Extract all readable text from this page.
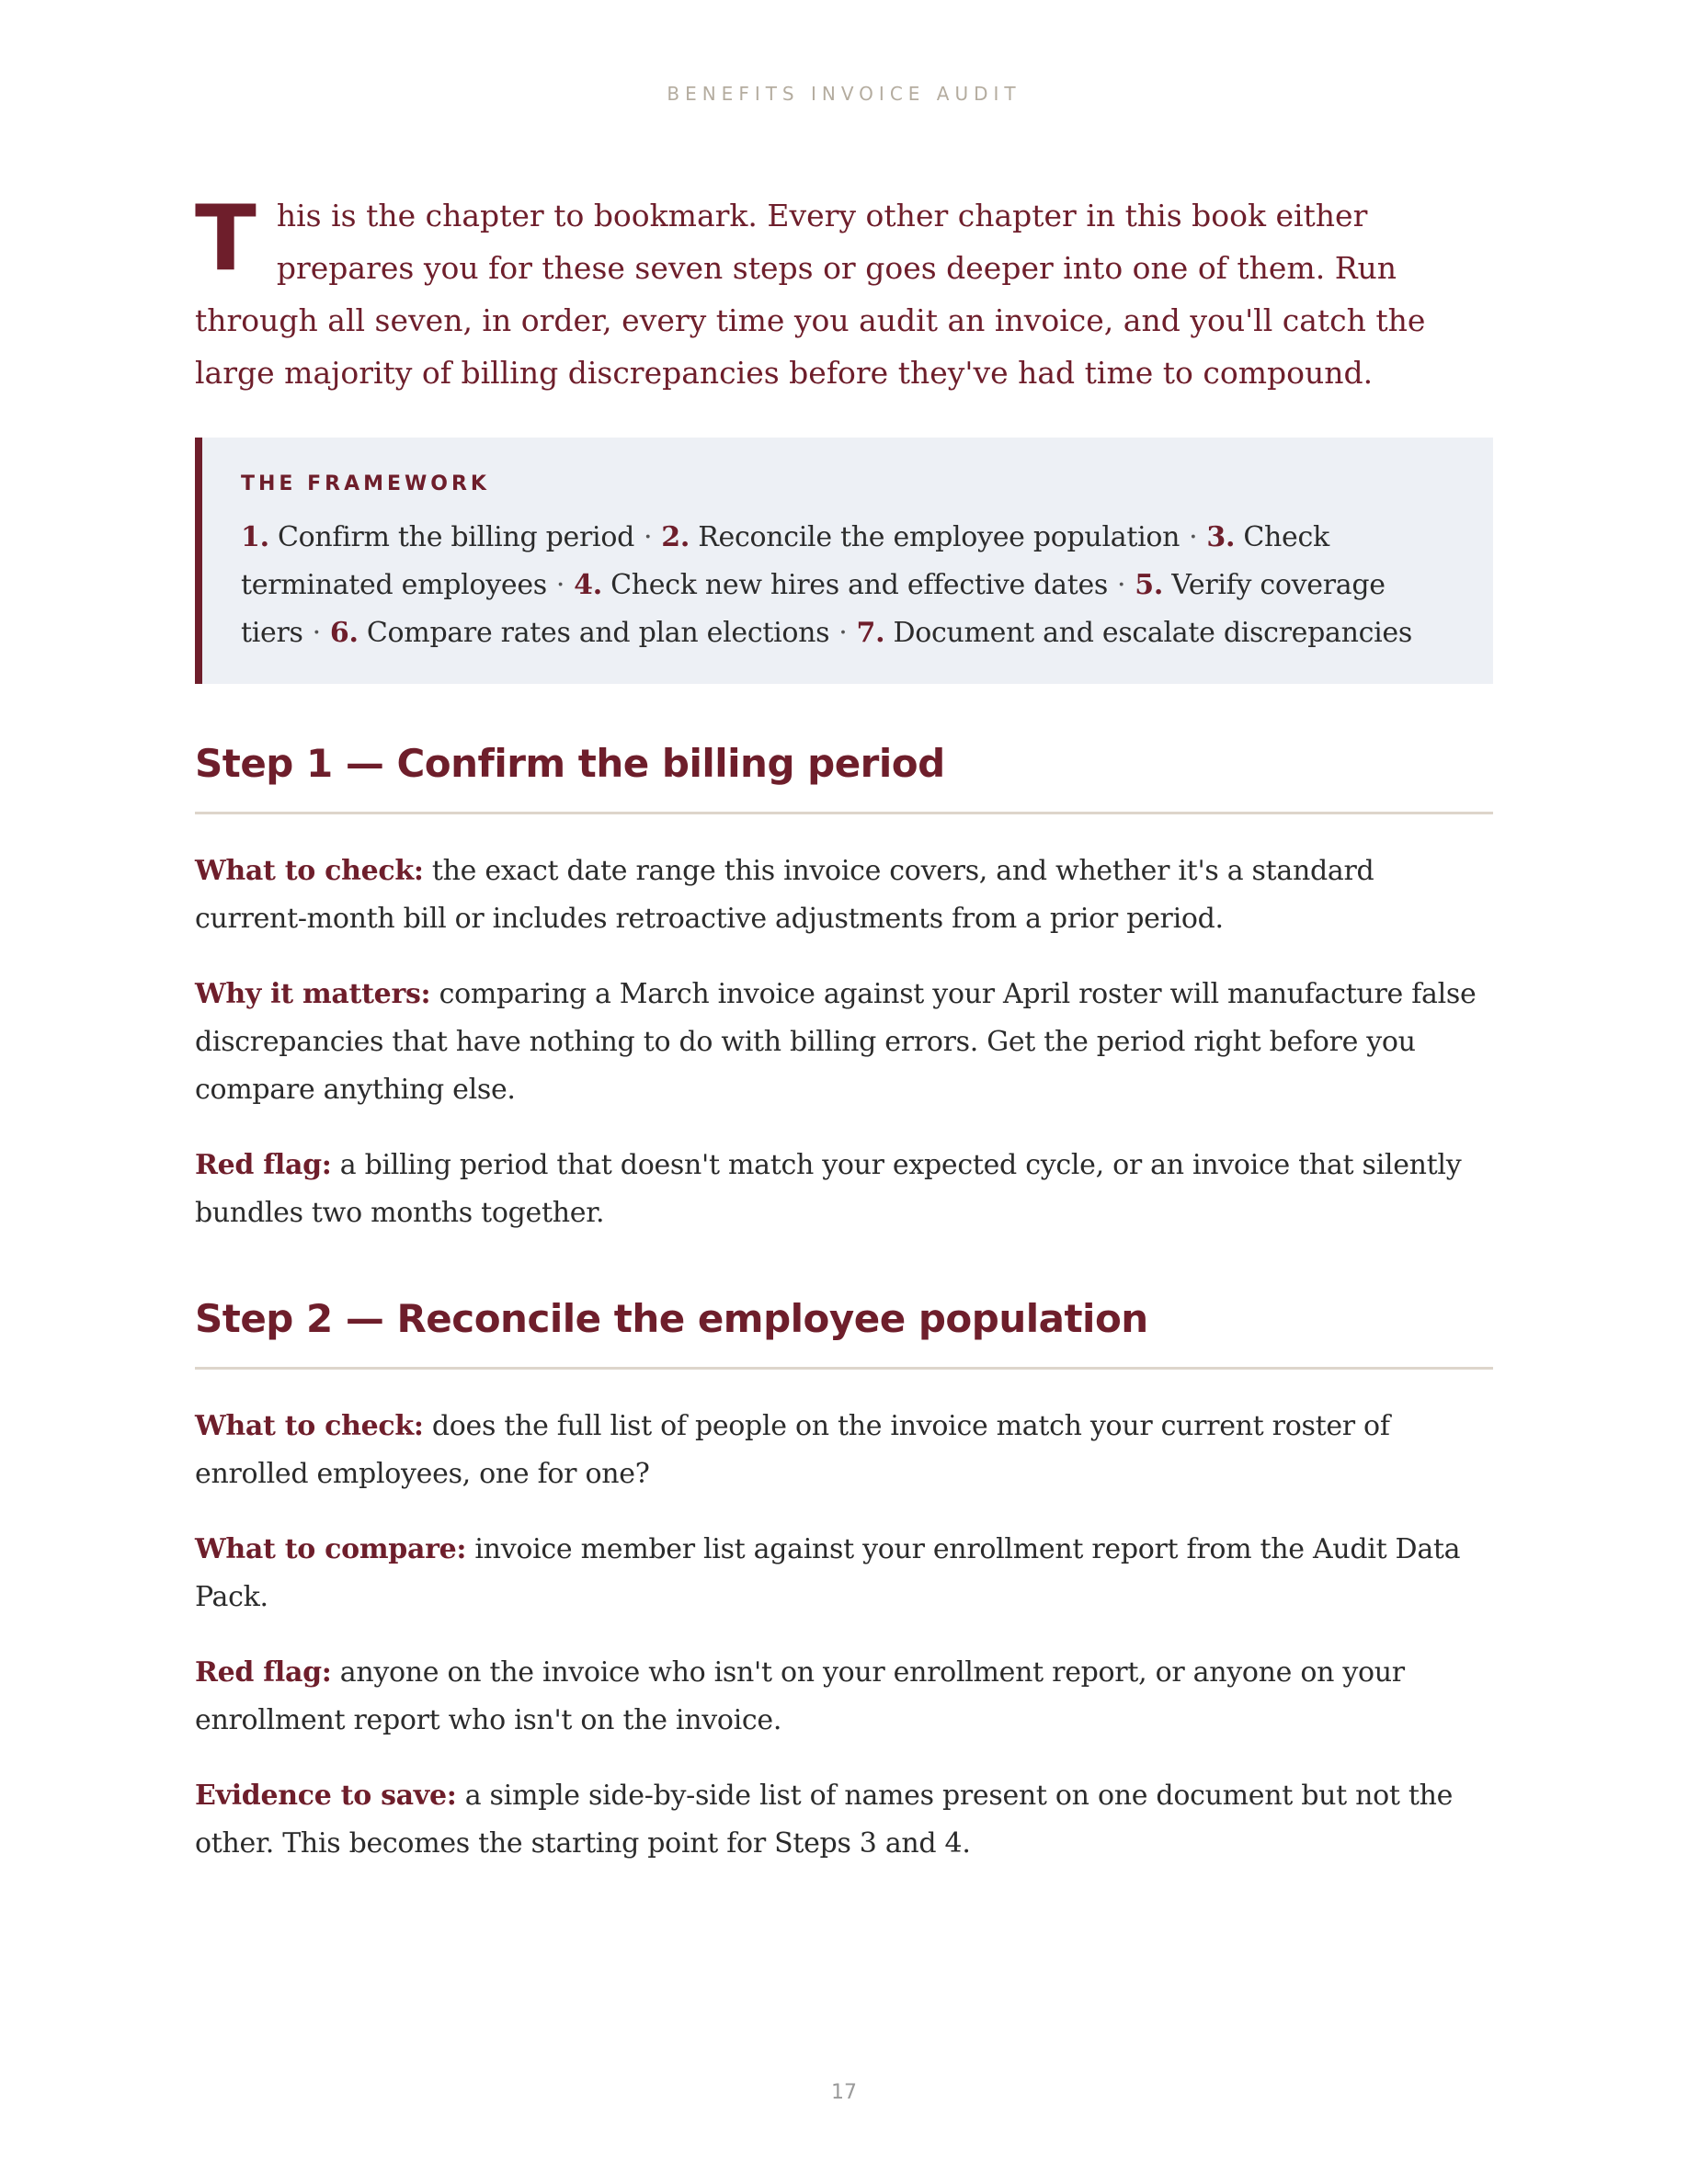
BENEFITS INVOICE AUDIT
T his is the chapter to bookmark. Every other chapter in this book either prepares you for these seven steps or goes deeper into one of them. Run through all seven, in order, every time you audit an invoice, and you'll catch the large majority of billing discrepancies before they've had time to compound.
THE FRAMEWORK
1. Confirm the billing period · 2. Reconcile the employee population · 3. Check terminated employees · 4. Check new hires and effective dates · 5. Verify coverage tiers · 6. Compare rates and plan elections · 7. Document and escalate discrepancies
Step 1 — Confirm the billing period

What to check: the exact date range this invoice covers, and whether it's a standard current-month bill or includes retroactive adjustments from a prior period.

Why it matters: comparing a March invoice against your April roster will manufacture false discrepancies that have nothing to do with billing errors. Get the period right before you compare anything else.

Red flag: a billing period that doesn't match your expected cycle, or an invoice that silently bundles two months together.

Step 2 — Reconcile the employee population

What to check: does the full list of people on the invoice match your current roster of enrolled employees, one for one?

What to compare: invoice member list against your enrollment report from the Audit Data Pack.

Red flag: anyone on the invoice who isn't on your enrollment report, or anyone on your enrollment report who isn't on the invoice.

Evidence to save: a simple side-by-side list of names present on one document but not the other. This becomes the starting point for Steps 3 and 4.

17
